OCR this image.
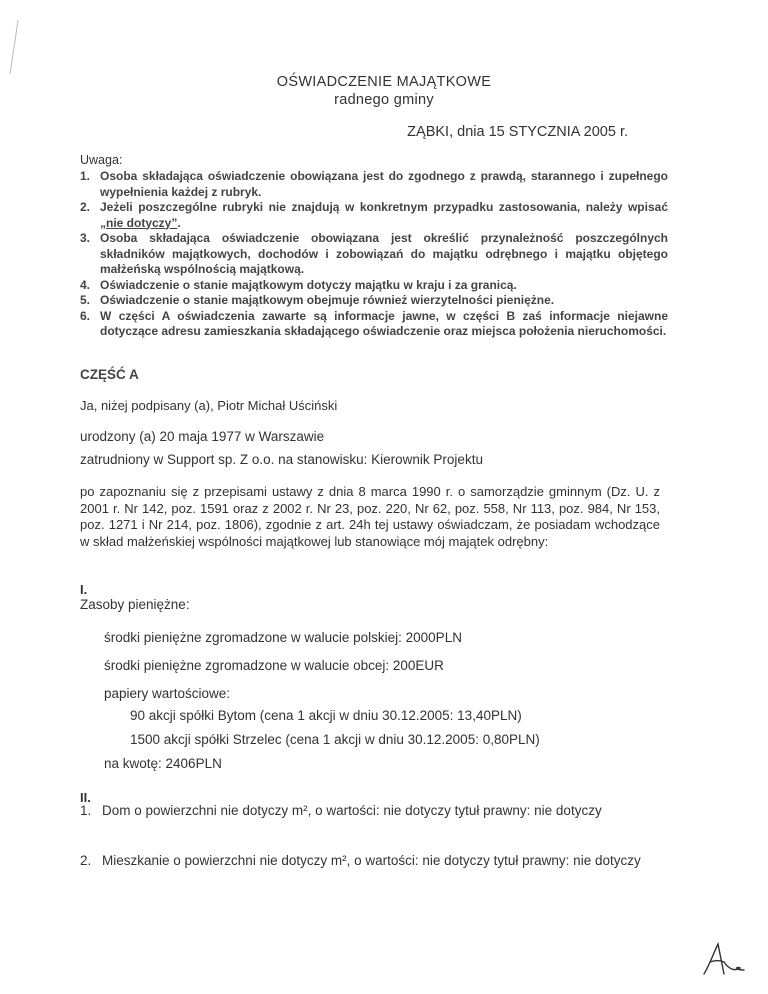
OŚWIADCZENIE MAJĄTKOWE
radnego gminy
ZĄBKI, dnia 15 STYCZNIA 2005 r.
Uwaga:
1. Osoba składająca oświadczenie obowiązana jest do zgodnego z prawdą, starannego i zupełnego wypełnienia każdej z rubryk.
2. Jeżeli poszczególne rubryki nie znajdują w konkretnym przypadku zastosowania, należy wpisać „nie dotyczy”.
3. Osoba składająca oświadczenie obowiązana jest określić przynależność poszczególnych składników majątkowych, dochodów i zobowiązań do majątku odrębnego i majątku objętego małżeńską wspólnością majątkową.
4. Oświadczenie o stanie majątkowym dotyczy majątku w kraju i za granicą.
5. Oświadczenie o stanie majątkowym obejmuje również wierzytelności pieniężne.
6. W części A oświadczenia zawarte są informacje jawne, w części B zaś informacje niejawne dotyczące adresu zamieszkania składającego oświadczenie oraz miejsca położenia nieruchomości.
CZĘŚĆ A
Ja, niżej podpisany (a), Piotr Michał Uściński
urodzony (a) 20 maja 1977 w Warszawie
zatrudniony w Support sp. Z o.o. na stanowisku: Kierownik Projektu
po zapoznaniu się z przepisami ustawy z dnia 8 marca 1990 r. o samorządzie gminnym (Dz. U. z 2001 r. Nr 142, poz. 1591 oraz z 2002 r. Nr 23, poz. 220, Nr 62, poz. 558, Nr 113, poz. 984, Nr 153, poz. 1271 i Nr 214, poz. 1806), zgodnie z art. 24h tej ustawy oświadczam, że posiadam wchodzące w skład małżeńskiej wspólności majątkowej lub stanowiące mój majątek odrębny:
I.
Zasoby pieniężne:
środki pieniężne zgromadzone w walucie polskiej: 2000PLN
środki pieniężne zgromadzone w walucie obcej: 200EUR
papiery wartościowe:
90 akcji spółki Bytom (cena 1 akcji w dniu 30.12.2005: 13,40PLN)
1500 akcji spółki Strzelec (cena 1 akcji w dniu 30.12.2005: 0,80PLN)
na kwotę: 2406PLN
II.
1. Dom o powierzchni nie dotyczy m², o wartości: nie dotyczy tytuł prawny: nie dotyczy
2. Mieszkanie o powierzchni nie dotyczy m², o wartości: nie dotyczy tytuł prawny: nie dotyczy
